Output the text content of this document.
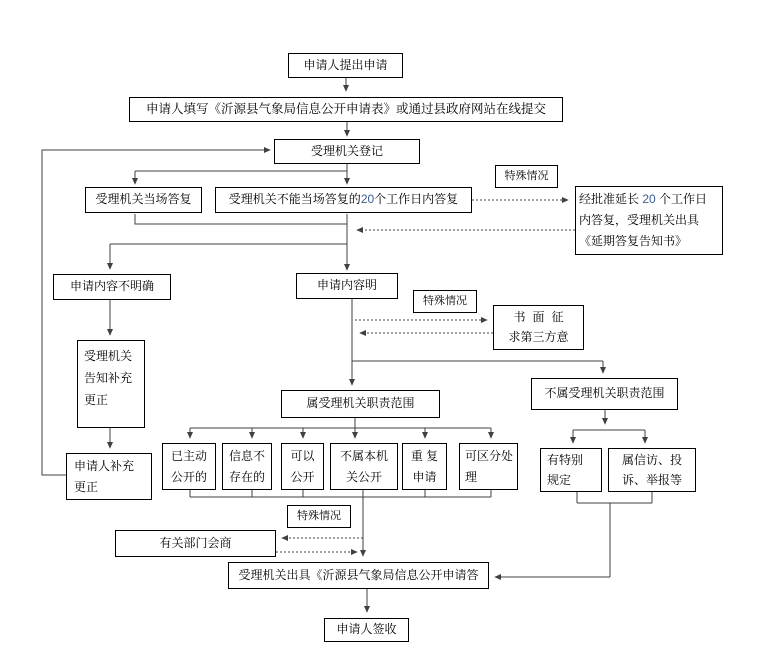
申请人提出申请
申请人填写《沂源县气象局信息公开申请表》或通过县政府网站在线提交
受理机关登记
受理机关当场答复	受理机关不能当场答复的 20 个工作日内答复
特殊情况
经批准延长 20 个工作日
内答复，受理机关出具
《延期答复告知书》
申请内容不明确	申请内容明
特殊情况
书面征
求第三方意
受理机关
告知补充
更正
申请人补充
更正
属受理机关职责范围
不属受理机关职责范围
已主动
公开的
信息不
存在的
可以
公开
不属本机
关公开
重 复
申请
可区分处
理
有特别
规定
属信访、投
诉、举报等
特殊情况
有关部门会商
受理机关出具《沂源县气象局信息公开申请答
申请人签收
